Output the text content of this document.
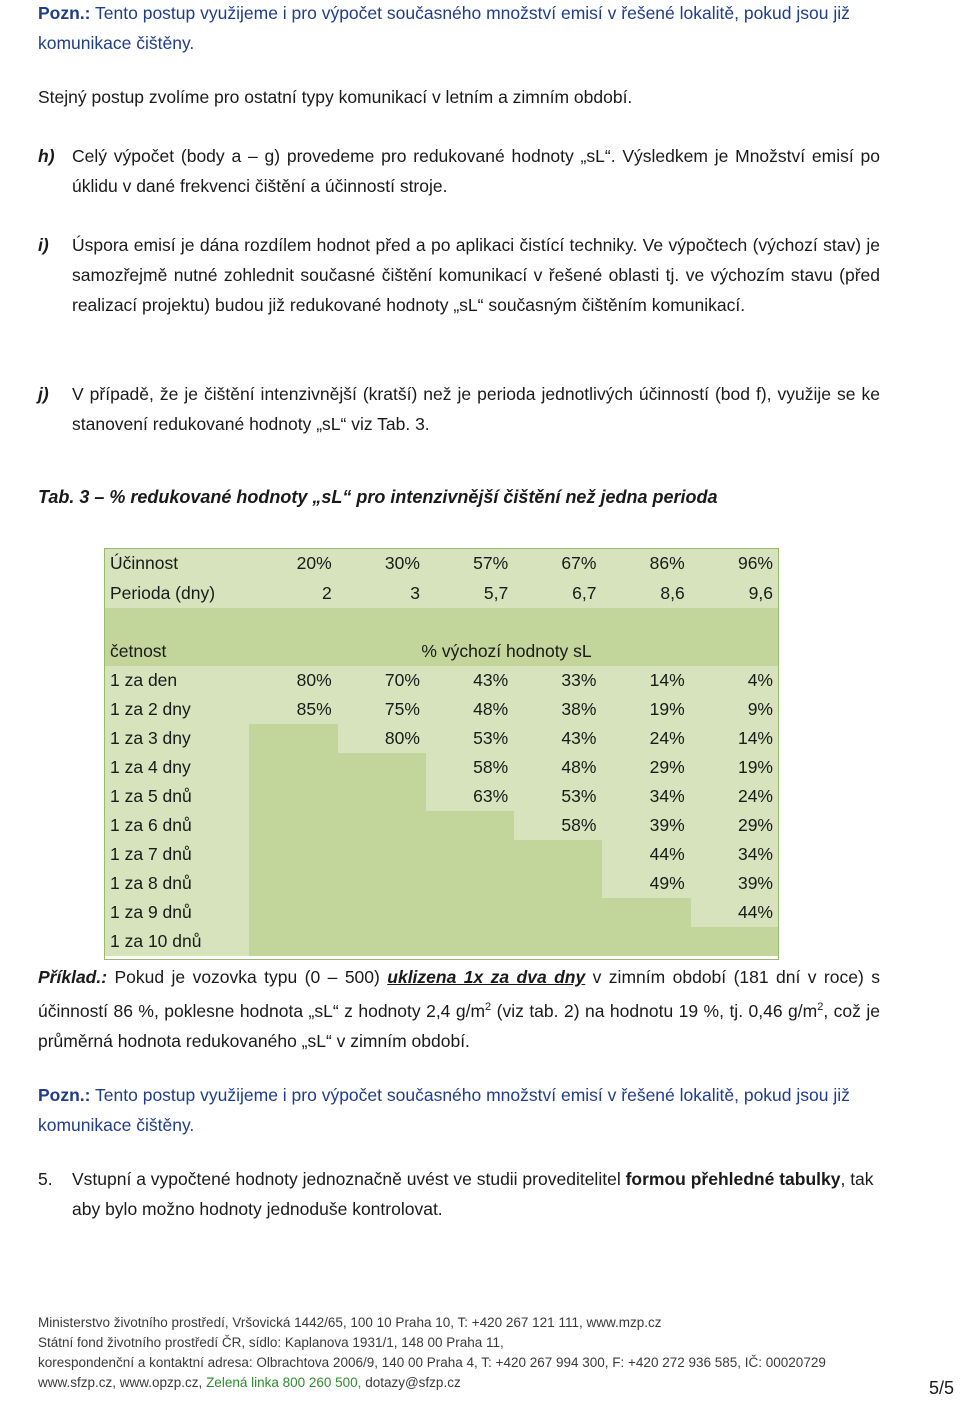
Pozn.: Tento postup využijeme i pro výpočet současného množství emisí v řešené lokalitě, pokud jsou již komunikace čištěny.
Stejný postup zvolíme pro ostatní typy komunikací v letním a zimním období.
h) Celý výpočet (body a – g) provedeme pro redukované hodnoty „sL“. Výsledkem je Množství emisí po úklidu v dané frekvenci čištění a účinností stroje.
i) Úspora emisí je dána rozdílem hodnot před a po aplikaci čistící techniky. Ve výpočtech (výchozí stav) je samozřejmě nutné zohlednit současné čištění komunikací v řešené oblasti tj. ve výchozím stavu (před realizací projektu) budou již redukované hodnoty „sL“ současným čištěním komunikací.
j) V případě, že je čištění intenzivnější (kratší) než je perioda jednotlivých účinností (bod f), využije se ke stanovení redukované hodnoty „sL“ viz Tab. 3.
Tab. 3 – % redukované hodnoty „sL“ pro intenzivnější čištění než jedna perioda
Účinnost	20%	30%	57%	67%	86%	96%
Perioda (dny)	2	3	5,7	6,7	8,6	9,6

četnost	% výchozí hodnoty sL					
1 za den	80%	70%	43%	33%	14%	4%
1 za 2 dny	85%	75%	48%	38%	19%	9%
1 za 3 dny		80%	53%	43%	24%	14%
1 za 4 dny			58%	48%	29%	19%
1 za 5 dnů			63%	53%	34%	24%
1 za 6 dnů				58%	39%	29%
1 za 7 dnů					44%	34%
1 za 8 dnů					49%	39%
1 za 9 dnů						44%
1 za 10 dnů						
Příklad.: Pokud je vozovka typu (0 – 500) uklizena 1x za dva dny v zimním období (181 dní v roce) s účinností 86 %, poklesne hodnota „sL“ z hodnoty 2,4 $g/m^2$ (viz tab. 2) na hodnotu 19 %, tj. 0,46 $g/m^2$, což je průměrná hodnota redukovaného „sL“ v zimním období.
Pozn.: Tento postup využijeme i pro výpočet současného množství emisí v řešené lokalitě, pokud jsou již komunikace čištěny.
5. Vstupní a vypočtené hodnoty jednoznačně uvést ve studii proveditelitel formou přehledné tabulky, tak aby bylo možno hodnoty jednoduše kontrolovat.
Ministerstvo životního prostředí, Vršovická 1442/65, 100 10 Praha 10, T: +420 267 121 111, www.mzp.cz
Státní fond životního prostředí ČR, sídlo: Kaplanova 1931/1, 148 00 Praha 11,
korespondenční a kontaktní adresa: Olbrachtova 2006/9, 140 00 Praha 4, T: +420 267 994 300, F: +420 272 936 585, IČ: 00020729
www.sfzp.cz, www.opzp.cz, Zelená linka 800 260 500, dotazy@sfzp.cz	5/5
